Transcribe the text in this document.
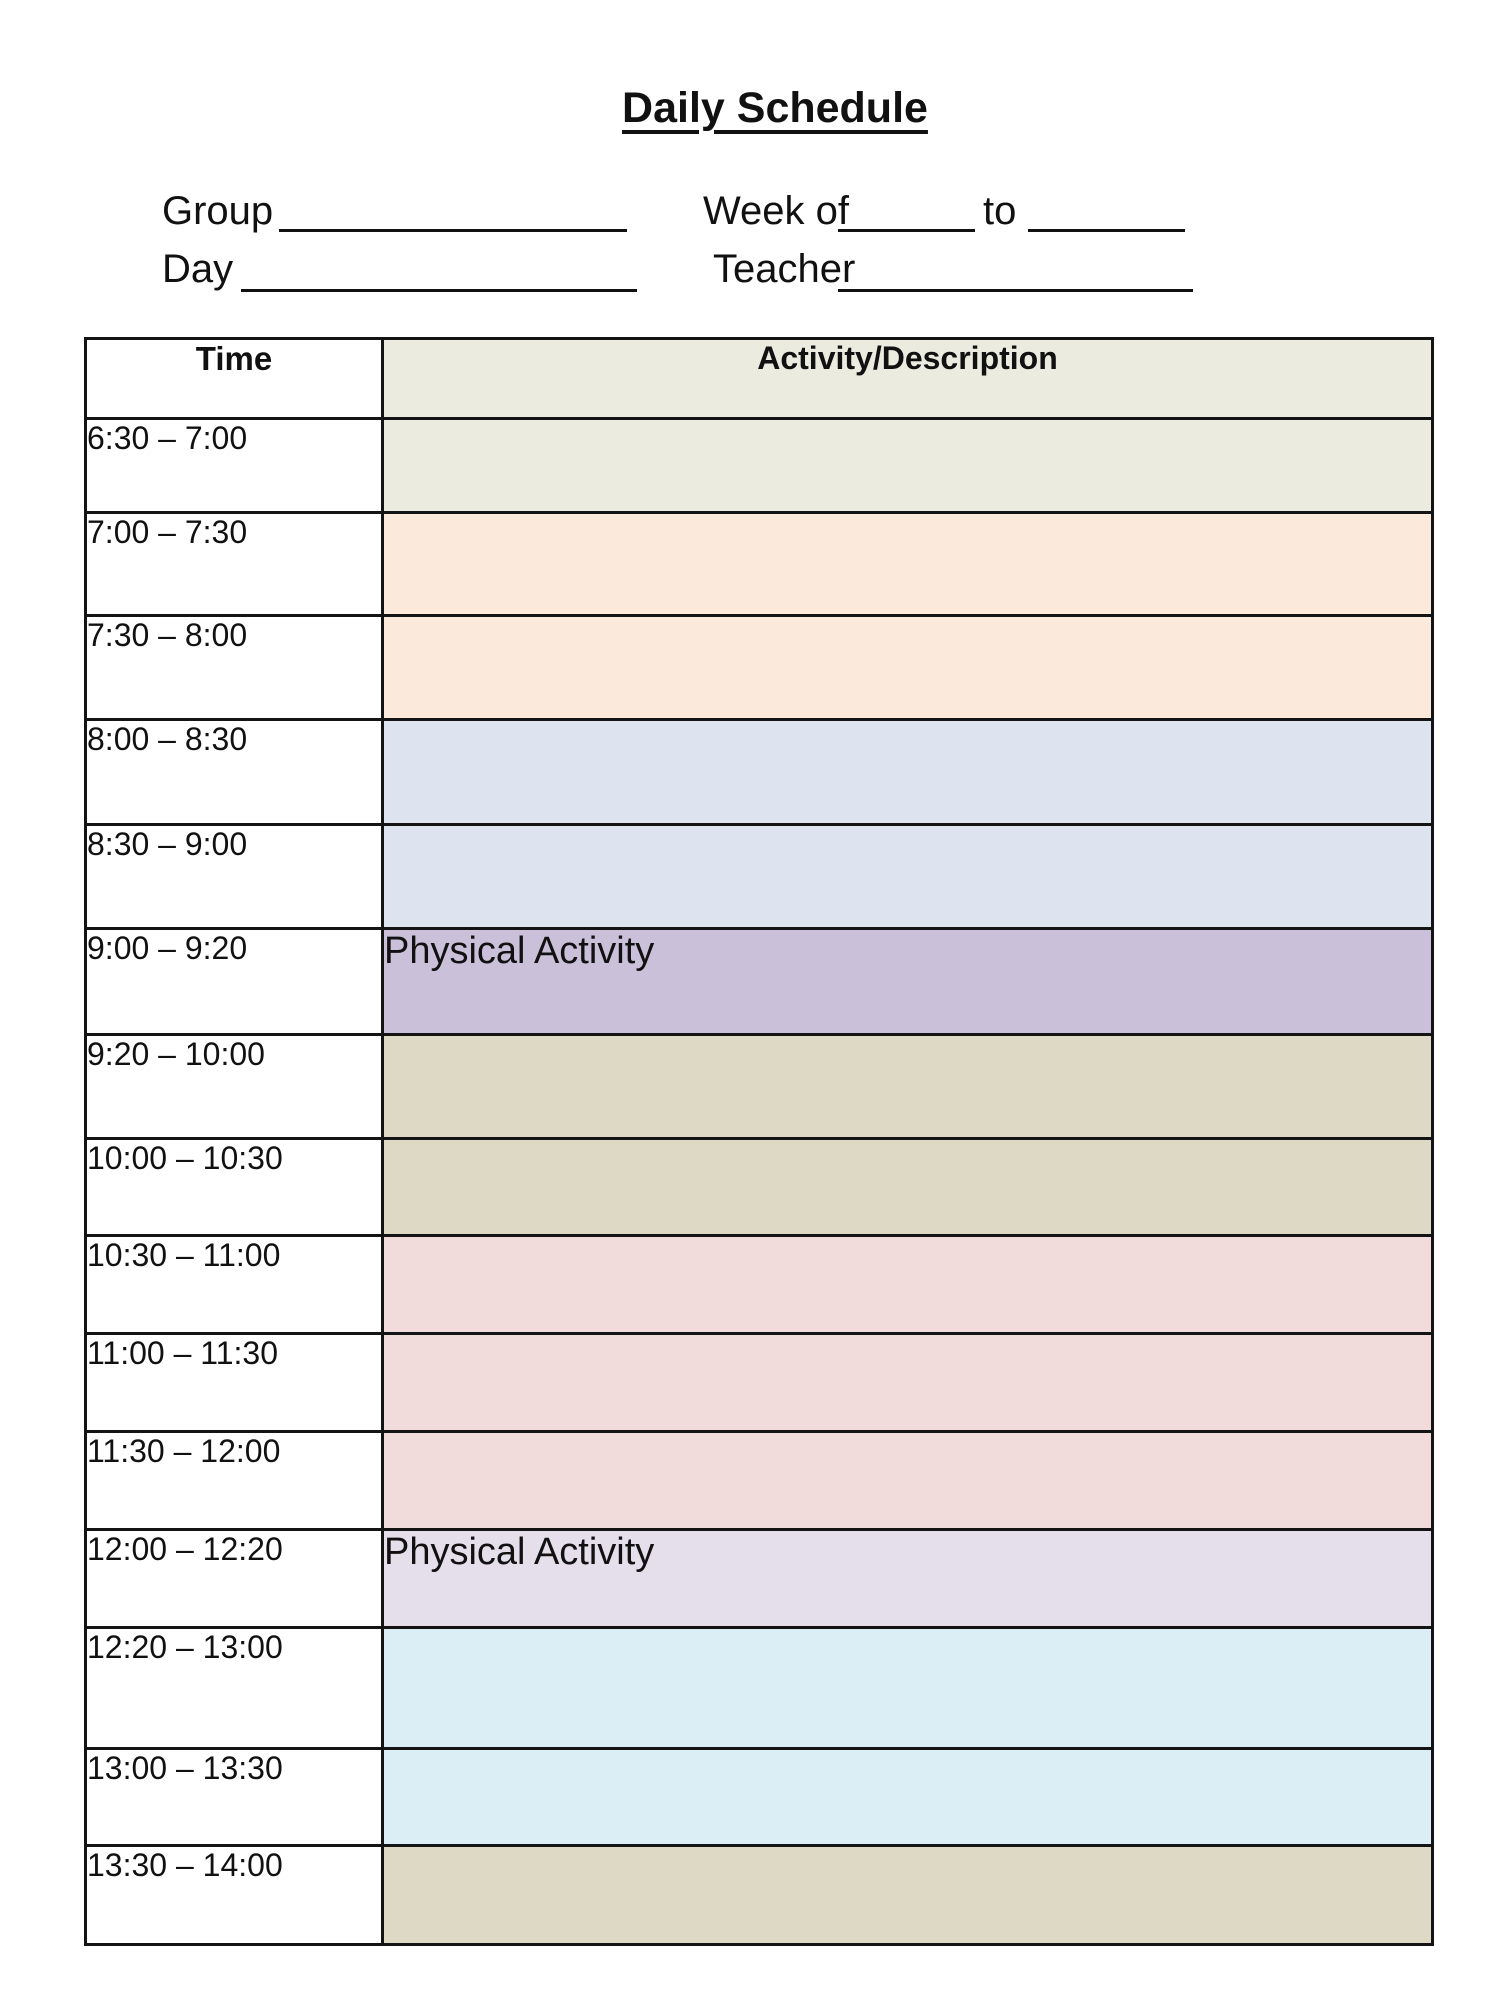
Daily Schedule
Group	Week of	to
Day	Teacher
Time	Activity/Description
6:30 – 7:00	
7:00 – 7:30	
7:30 – 8:00	
8:00 – 8:30	
8:30 – 9:00	
9:00 – 9:20	Physical Activity
9:20 – 10:00	
10:00 – 10:30	
10:30 – 11:00	
11:00 – 11:30	
11:30 – 12:00	
12:00 – 12:20	Physical Activity
12:20 – 13:00	
13:00 – 13:30	
13:30 – 14:00	
